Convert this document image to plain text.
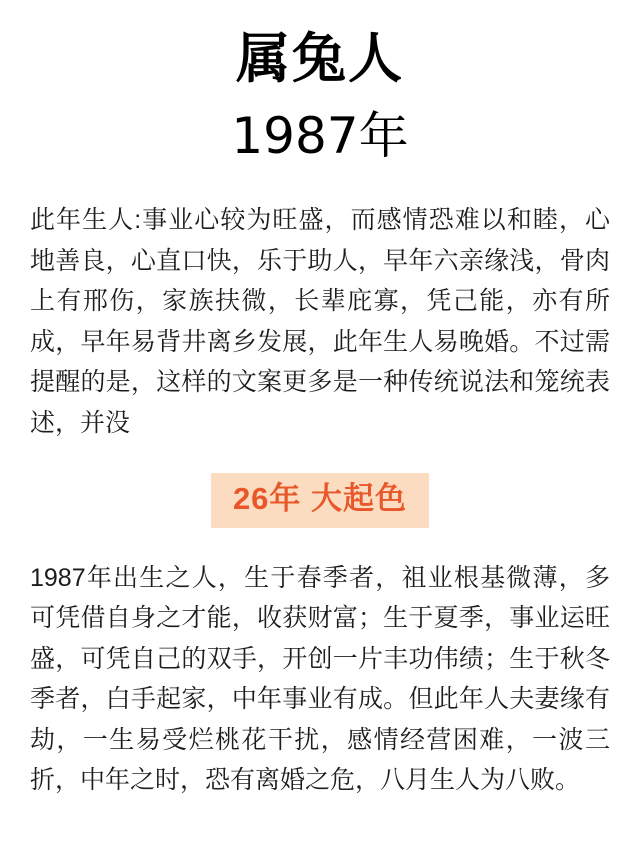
属兔人
1987年

此年生人:事业心较为旺盛，而感情恐难以和睦，心地善良，心直口快，乐于助人，早年六亲缘浅，骨肉上有邢伤，家族扶微，长辈庇寡，凭己能，亦有所成，早年易背井离乡发展，此年生人易晚婚。不过需提醒的是，这样的文案更多是一种传统说法和笼统表述，并没

26年 大起色

1987年出生之人，生于春季者，祖业根基微薄，多可凭借自身之才能，收获财富；生于夏季，事业运旺盛，可凭自己的双手，开创一片丰功伟绩；生于秋冬季者，白手起家，中年事业有成。但此年人夫妻缘有劫，一生易受烂桃花干扰，感情经营困难，一波三折，中年之时，恐有离婚之危，八月生人为八败。
